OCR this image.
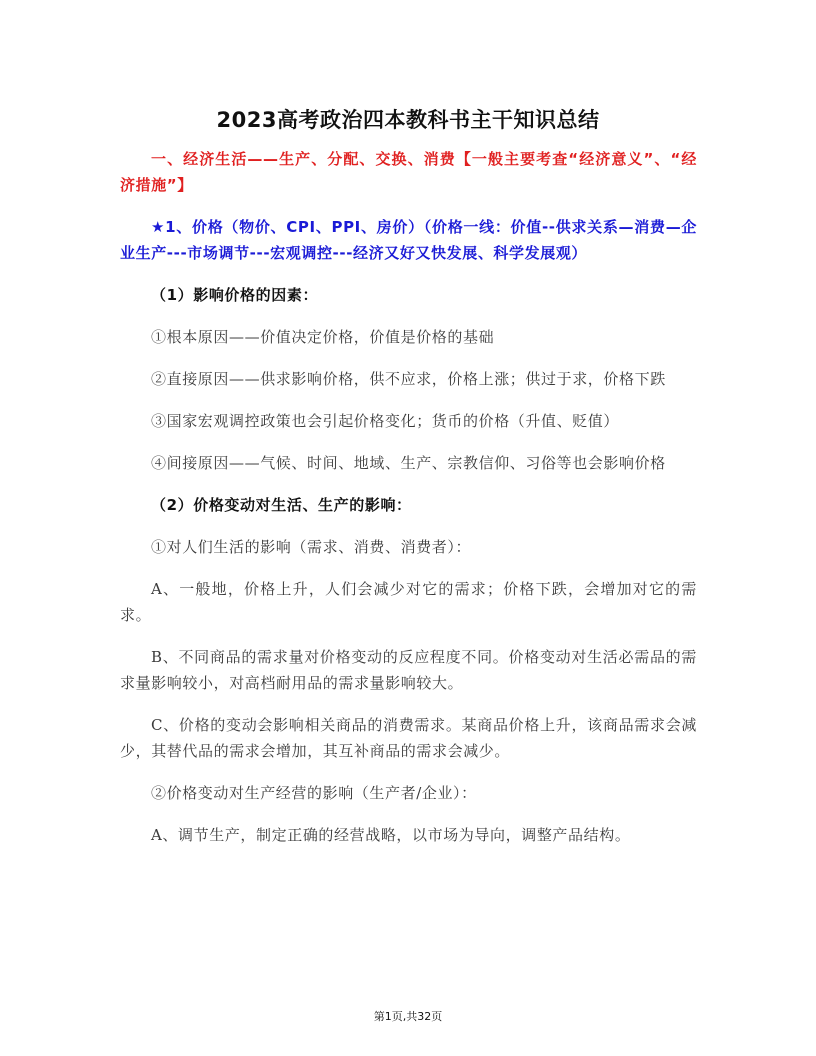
2023高考政治四本教科书主干知识总结

一、经济生活——生产、分配、交换、消费【一般主要考查“经济意义”、“经济措施”】

★1、价格（物价、CPI、PPI、房价）（价格一线：价值--供求关系—消费—企业生产---市场调节---宏观调控---经济又好又快发展、科学发展观）

（1）影响价格的因素：

①根本原因——价值决定价格，价值是价格的基础

②直接原因——供求影响价格，供不应求，价格上涨；供过于求，价格下跌

③国家宏观调控政策也会引起价格变化；货币的价格（升值、贬值）

④间接原因——气候、时间、地域、生产、宗教信仰、习俗等也会影响价格

（2）价格变动对生活、生产的影响：

①对人们生活的影响（需求、消费、消费者）：

A、一般地，价格上升，人们会减少对它的需求；价格下跌，会增加对它的需求。

B、不同商品的需求量对价格变动的反应程度不同。价格变动对生活必需品的需求量影响较小，对高档耐用品的需求量影响较大。

C、价格的变动会影响相关商品的消费需求。某商品价格上升，该商品需求会减少，其替代品的需求会增加，其互补商品的需求会减少。

②价格变动对生产经营的影响（生产者/企业）：

A、调节生产，制定正确的经营战略，以市场为导向，调整产品结构。

第1页,共32页
